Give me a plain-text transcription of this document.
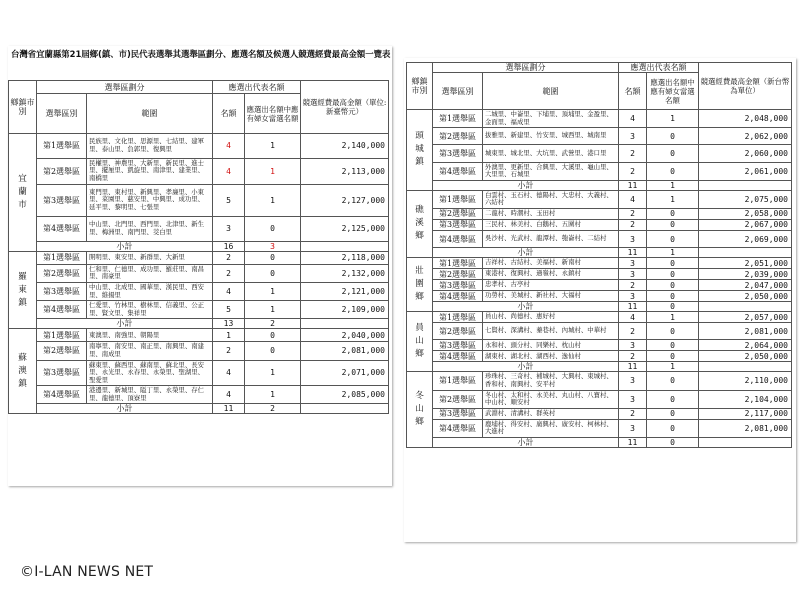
台灣省宜蘭縣第21屆鄉(鎮、市)民代表選舉其選舉區劃分、應選名額及候選人競選經費最高金額一覽表
鄉鎮市別	選舉區劃分		應選出代表名額		競選經費最高金額（單位:新臺幣元）
	選舉區別	範圍	名額	應選出名額中應有婦女當選名額	

宜
蘭
市	第1選舉區	民族里、文化里、思源里、七結里、建軍里、泰山里、負郭里、復興里	4	1	2,140,000
	第2選舉區	民權里、神農里、大新里、新民里、進士里、擺厘里、凱旋里、南津里、建業里、南橋里	4	1	2,113,000
	第3選舉區	東門里、東村里、新興里、孝廉里、小東里、菜園里、慈安里、中興里、成功里、延平里、黎明里、七張里	5	1	2,127,000
	第4選舉區	中山里、北門里、西門里、北津里、新生里、梅洲里、南門里、茭白里	3	0	2,125,000
	小計		16	3	

羅
東
鎮	第1選舉區	開明里、東安里、新群里、大新里	2	0	2,118,000
	第2選舉區	仁和里、仁德里、成功里、羅莊里、南昌里、南豪里	2	0	2,132,000
	第3選舉區	中山里、北成里、國華里、漢民里、西安里、維揚里	4	1	2,121,000
	第4選舉區	仁愛里、竹林里、樹林里、信義里、公正里、賢文里、集祥里	5	1	2,109,000
	小計		13	2	

蘇
澳
鎮	第1選舉區	東澳里、南強里、朝陽里	1	0	2,040,000
	第2選舉區	南寧里、南安里、南正里、南興里、南建里、南成里	2	0	2,081,000
	第3選舉區	蘇東里、蘇西里、蘇南里、蘇北里、長安里、永光里、永春里、永榮里、聖湖里、聖愛里	4	1	2,071,000
	第4選舉區	港邊里、新城里、隘丁里、永榮里、存仁里、龍德里、頂寮里	4	1	2,085,000
	小計		11	2	
鄉鎮市別	選舉區劃分		應選出代表名額		競選經費最高金額（新台幣為單位）
	選舉區別	範圍	名額	應選出名額中應有婦女當選名額	

頭
城
鎮	第1選舉區	二城里、中崙里、下埔里、頂埔里、金盈里、金面里、福成里	4	1	2,048,000
	第2選舉區	拔雅里、新建里、竹安里、城西里、城南里	3	0	2,062,000
	第3選舉區	城東里、城北里、大坑里、武營里、港口里	2	0	2,060,000
	第4選舉區	外澳里、更新里、合興里、大溪里、龜山里、大里里、石城里	2	0	2,061,000
	小計		11	1	

礁
溪
鄉	第1選舉區	白雲村、玉石村、德陽村、大忠村、大義村、六結村	4	1	2,075,000
	第2選舉區	二龍村、時潮村、玉田村	2	0	2,058,000
	第3選舉區	三民村、林美村、白鵝村、五圍村	2	0	2,067,000
	第4選舉區	吳沙村、光武村、龍潭村、匏崙村、二結村	3	0	2,069,000
	小計		11	1	

壯
圍
鄉	第1選舉區	吉祥村、古結村、美福村、新南村	3	0	2,051,000
	第2選舉區	東港村、復興村、過嶺村、永鎮村	3	0	2,039,000
	第3選舉區	忠孝村、古亭村	2	0	2,047,000
	第4選舉區	功勞村、美城村、新社村、大福村	3	0	2,050,000
	小計		11	0	

員
山
鄉	第1選舉區	員山村、尚德村、惠好村	4	1	2,057,000
	第2選舉區	七賢村、深溝村、蓁巷村、內城村、中華村	2	0	2,081,000
	第3選舉區	永和村、頭分村、同樂村、枕山村	3	0	2,064,000
	第4選舉區	湖東村、湖北村、湖西村、逸仙村	2	0	2,050,000
	小計		11	1	

冬
山
鄉	第1選舉區	珍珠村、三奇村、補城村、大興村、東城村、香和村、南興村、安平村	3	0	2,110,000
	第2選舉區	冬山村、太和村、永美村、丸山村、八寶村、中山村、順安村	3	0	2,104,000
	第3選舉區	武淵村、清溝村、群英村	2	0	2,117,000
	第4選舉區	鹿埔村、得安村、廣興村、廣安村、柯林村、大進村	3	0	2,081,000
	小計		11	0	
©I-LAN NEWS NET
